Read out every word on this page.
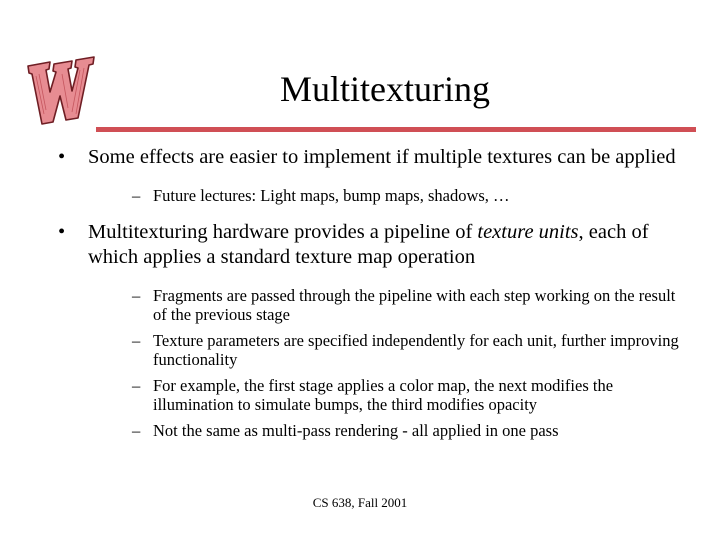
Multitexturing
• Some effects are easier to implement if multiple textures can be applied
– Future lectures: Light maps, bump maps, shadows, …
• Multitexturing hardware provides a pipeline of texture units, each of which applies a standard texture map operation
– Fragments are passed through the pipeline with each step working on the result of the previous stage
– Texture parameters are specified independently for each unit, further improving functionality
– For example, the first stage applies a color map, the next modifies the illumination to simulate bumps, the third modifies opacity
– Not the same as multi-pass rendering - all applied in one pass
CS 638, Fall 2001
